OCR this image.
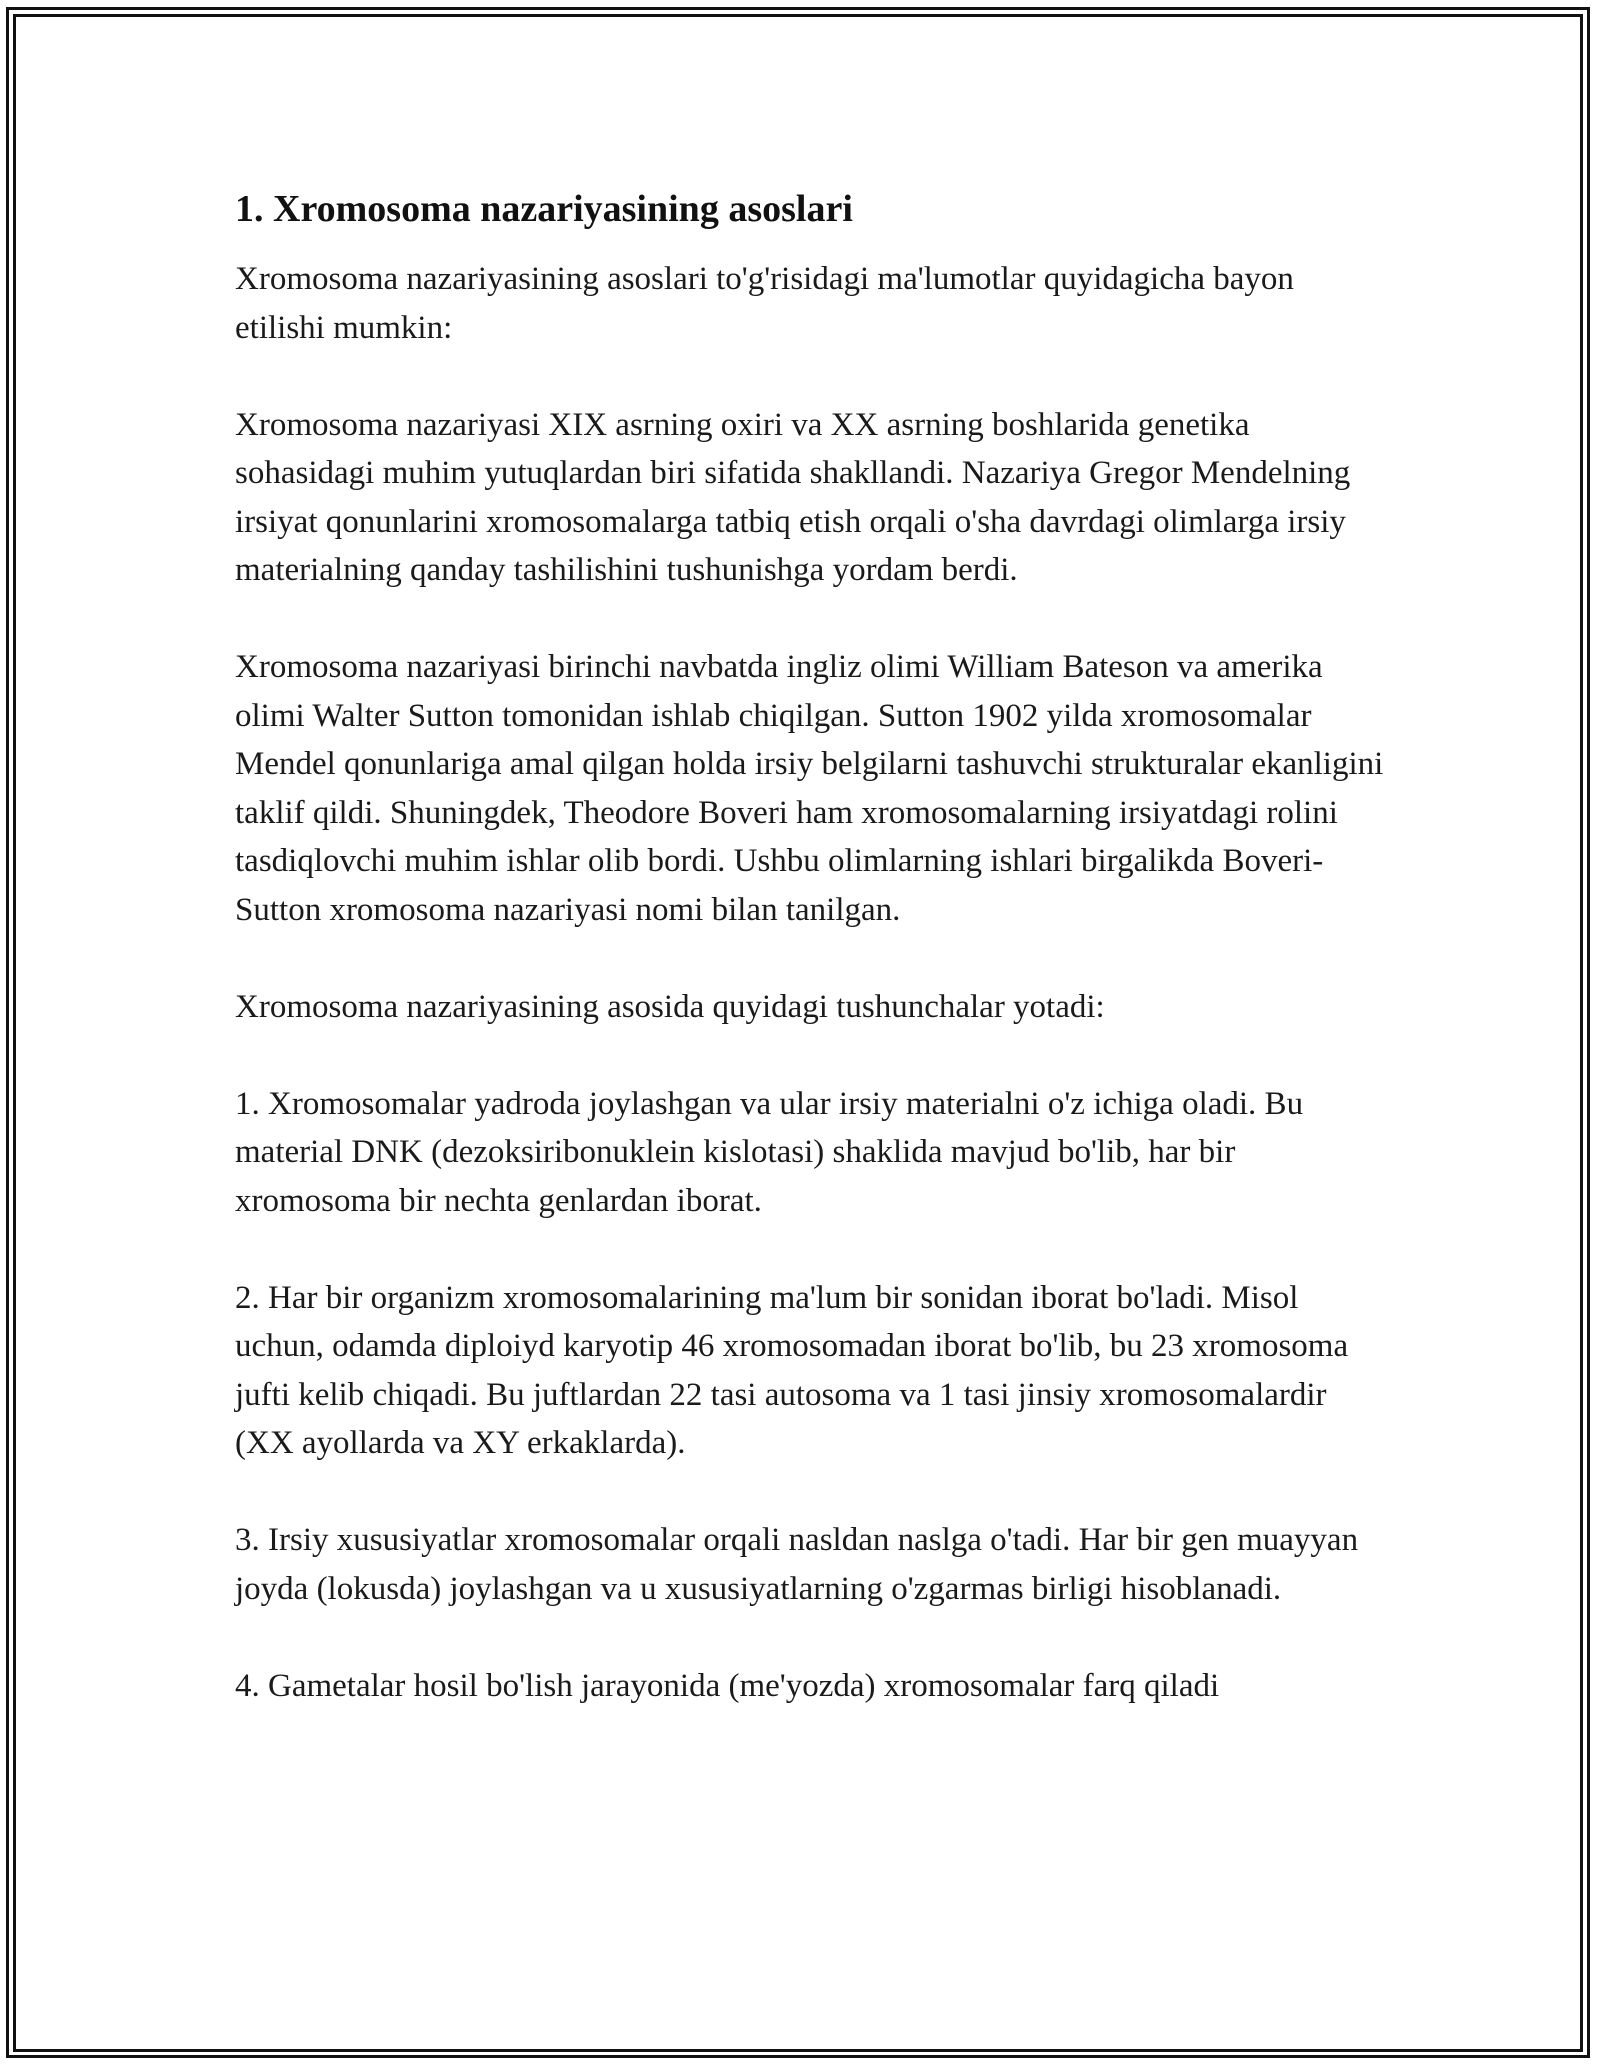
1. Xromosoma nazariyasining asoslari

Xromosoma nazariyasining asoslari to'g'risidagi ma'lumotlar quyidagicha bayon etilishi mumkin:

Xromosoma nazariyasi XIX asrning oxiri va XX asrning boshlarida genetika sohasidagi muhim yutuqlardan biri sifatida shakllandi. Nazariya Gregor Mendelning irsiyat qonunlarini xromosomalarga tatbiq etish orqali o'sha davrdagi olimlarga irsiy materialning qanday tashilishini tushunishga yordam berdi.

Xromosoma nazariyasi birinchi navbatda ingliz olimi William Bateson va amerika olimi Walter Sutton tomonidan ishlab chiqilgan. Sutton 1902 yilda xromosomalar Mendel qonunlariga amal qilgan holda irsiy belgilarni tashuvchi strukturalar ekanligini taklif qildi. Shuningdek, Theodore Boveri ham xromosomalarning irsiyatdagi rolini tasdiqlovchi muhim ishlar olib bordi. Ushbu olimlarning ishlari birgalikda Boveri-Sutton xromosoma nazariyasi nomi bilan tanilgan.

Xromosoma nazariyasining asosida quyidagi tushunchalar yotadi:

1. Xromosomalar yadroda joylashgan va ular irsiy materialni o'z ichiga oladi. Bu material DNK (dezoksiribonuklein kislotasi) shaklida mavjud bo'lib, har bir xromosoma bir nechta genlardan iborat.

2. Har bir organizm xromosomalarining ma'lum bir sonidan iborat bo'ladi. Misol uchun, odamda diploiyd karyotip 46 xromosomadan iborat bo'lib, bu 23 xromosoma jufti kelib chiqadi. Bu juftlardan 22 tasi autosoma va 1 tasi jinsiy xromosomalardir (XX ayollarda va XY erkaklarda).

3. Irsiy xususiyatlar xromosomalar orqali nasldan naslga o'tadi. Har bir gen muayyan joyda (lokusda) joylashgan va u xususiyatlarning o'zgarmas birligi hisoblanadi.

4. Gametalar hosil bo'lish jarayonida (me'yozda) xromosomalar farq qiladi
